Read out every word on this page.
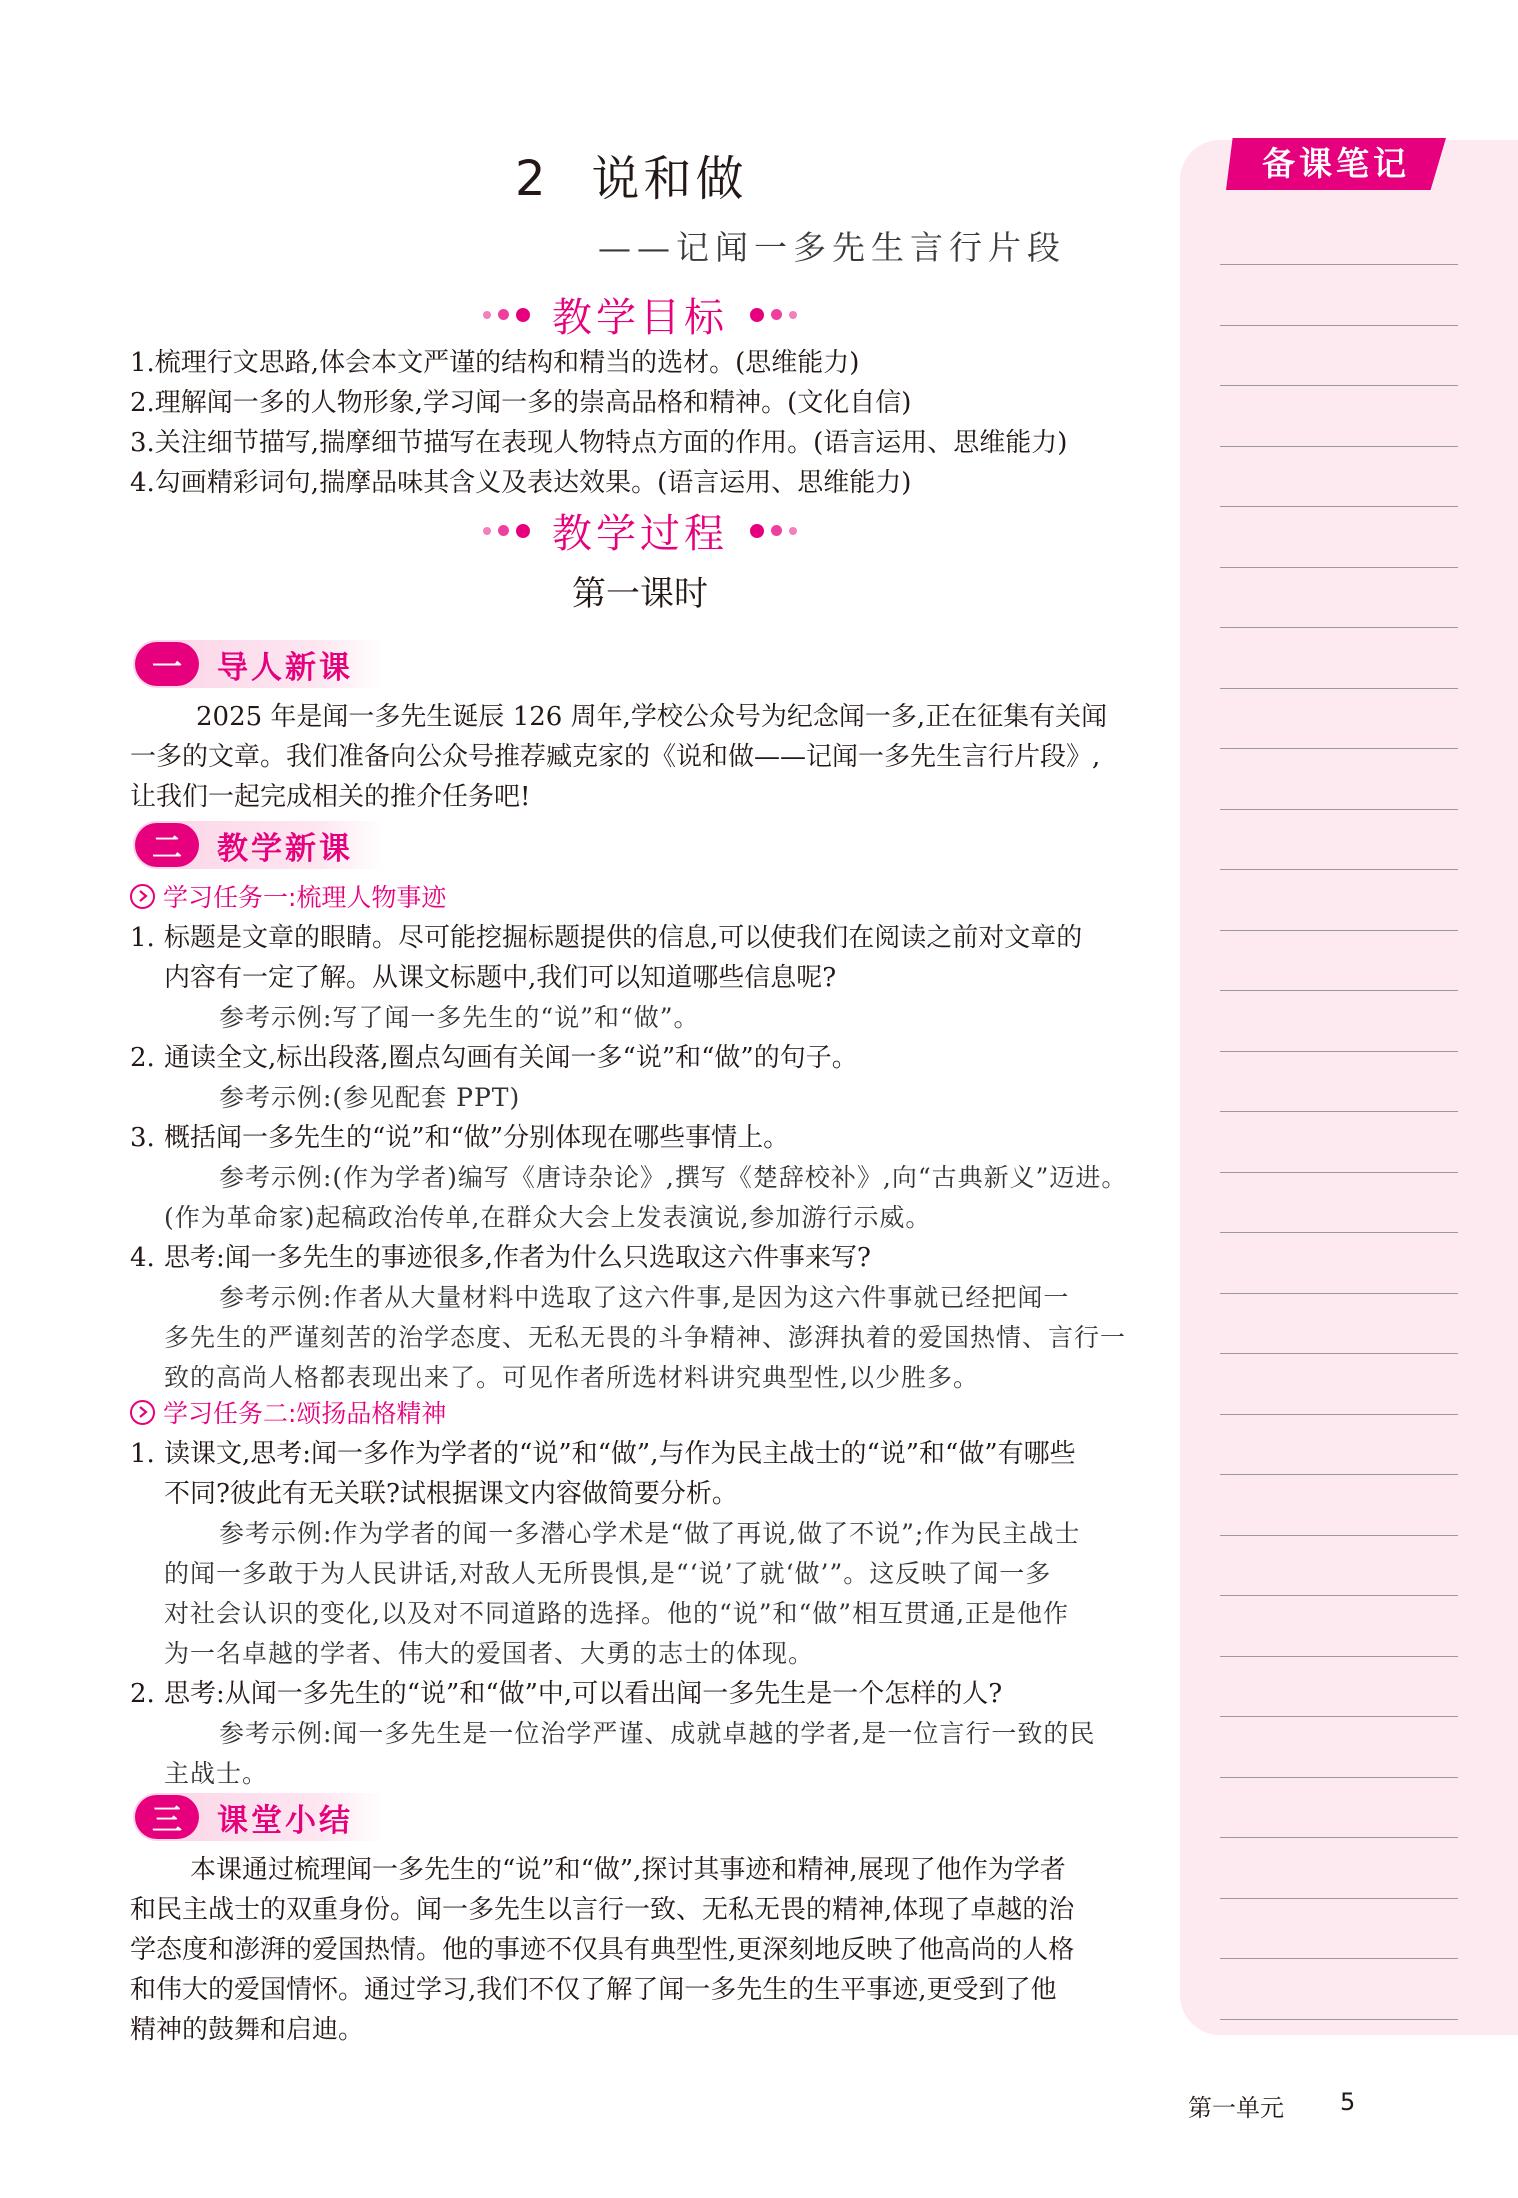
2 说和做
——记闻一多先生言行片段
教学目标

1.梳理行文思路,体会本文严谨的结构和精当的选材。(思维能力)

2.理解闻一多的人物形象,学习闻一多的崇高品格和精神。(文化自信)

3.关注细节描写,揣摩细节描写在表现人物特点方面的作用。(语言运用、思维能力)

4.勾画精彩词句,揣摩品味其含义及表达效果。(语言运用、思维能力)

教学过程
第一课时
一	导人新课

2025 年是闻一多先生诞辰 126 周年,学校公众号为纪念闻一多,正在征集有关闻

一多的文章。我们准备向公众号推荐臧克家的《说和做——记闻一多先生言行片段》,

让我们一起完成相关的推介任务吧!

二	教学新课
学习任务一:梳理人物事迹
1. 标题是文章的眼睛。尽可能挖掘标题提供的信息,可以使我们在阅读之前对文章的

内容有一定了解。从课文标题中,我们可以知道哪些信息呢?

参考示例:写了闻一多先生的“说”和“做”。

2. 通读全文,标出段落,圈点勾画有关闻一多“说”和“做”的句子。

参考示例:(参见配套 PPT)

3. 概括闻一多先生的“说”和“做”分别体现在哪些事情上。

参考示例:(作为学者)编写《唐诗杂论》,撰写《楚辞校补》,向“古典新义”迈进。

(作为革命家)起稿政治传单,在群众大会上发表演说,参加游行示威。

4. 思考:闻一多先生的事迹很多,作者为什么只选取这六件事来写?

参考示例:作者从大量材料中选取了这六件事,是因为这六件事就已经把闻一

多先生的严谨刻苦的治学态度、无私无畏的斗争精神、澎湃执着的爱国热情、言行一

致的高尚人格都表现出来了。可见作者所选材料讲究典型性,以少胜多。

学习任务二:颂扬品格精神
1. 读课文,思考:闻一多作为学者的“说”和“做”,与作为民主战士的“说”和“做”有哪些

不同?彼此有无关联?试根据课文内容做简要分析。

参考示例:作为学者的闻一多潜心学术是“做了再说,做了不说”;作为民主战士

的闻一多敢于为人民讲话,对敌人无所畏惧,是“‘说’了就‘做’”。这反映了闻一多

对社会认识的变化,以及对不同道路的选择。他的“说”和“做”相互贯通,正是他作

为一名卓越的学者、伟大的爱国者、大勇的志士的体现。

2. 思考:从闻一多先生的“说”和“做”中,可以看出闻一多先生是一个怎样的人?

参考示例:闻一多先生是一位治学严谨、成就卓越的学者,是一位言行一致的民

主战士。

三	课堂小结

本课通过梳理闻一多先生的“说”和“做”,探讨其事迹和精神,展现了他作为学者

和民主战士的双重身份。闻一多先生以言行一致、无私无畏的精神,体现了卓越的治

学态度和澎湃的爱国热情。他的事迹不仅具有典型性,更深刻地反映了他高尚的人格

和伟大的爱国情怀。通过学习,我们不仅了解了闻一多先生的生平事迹,更受到了他

精神的鼓舞和启迪。

备课笔记
第一单元 5
